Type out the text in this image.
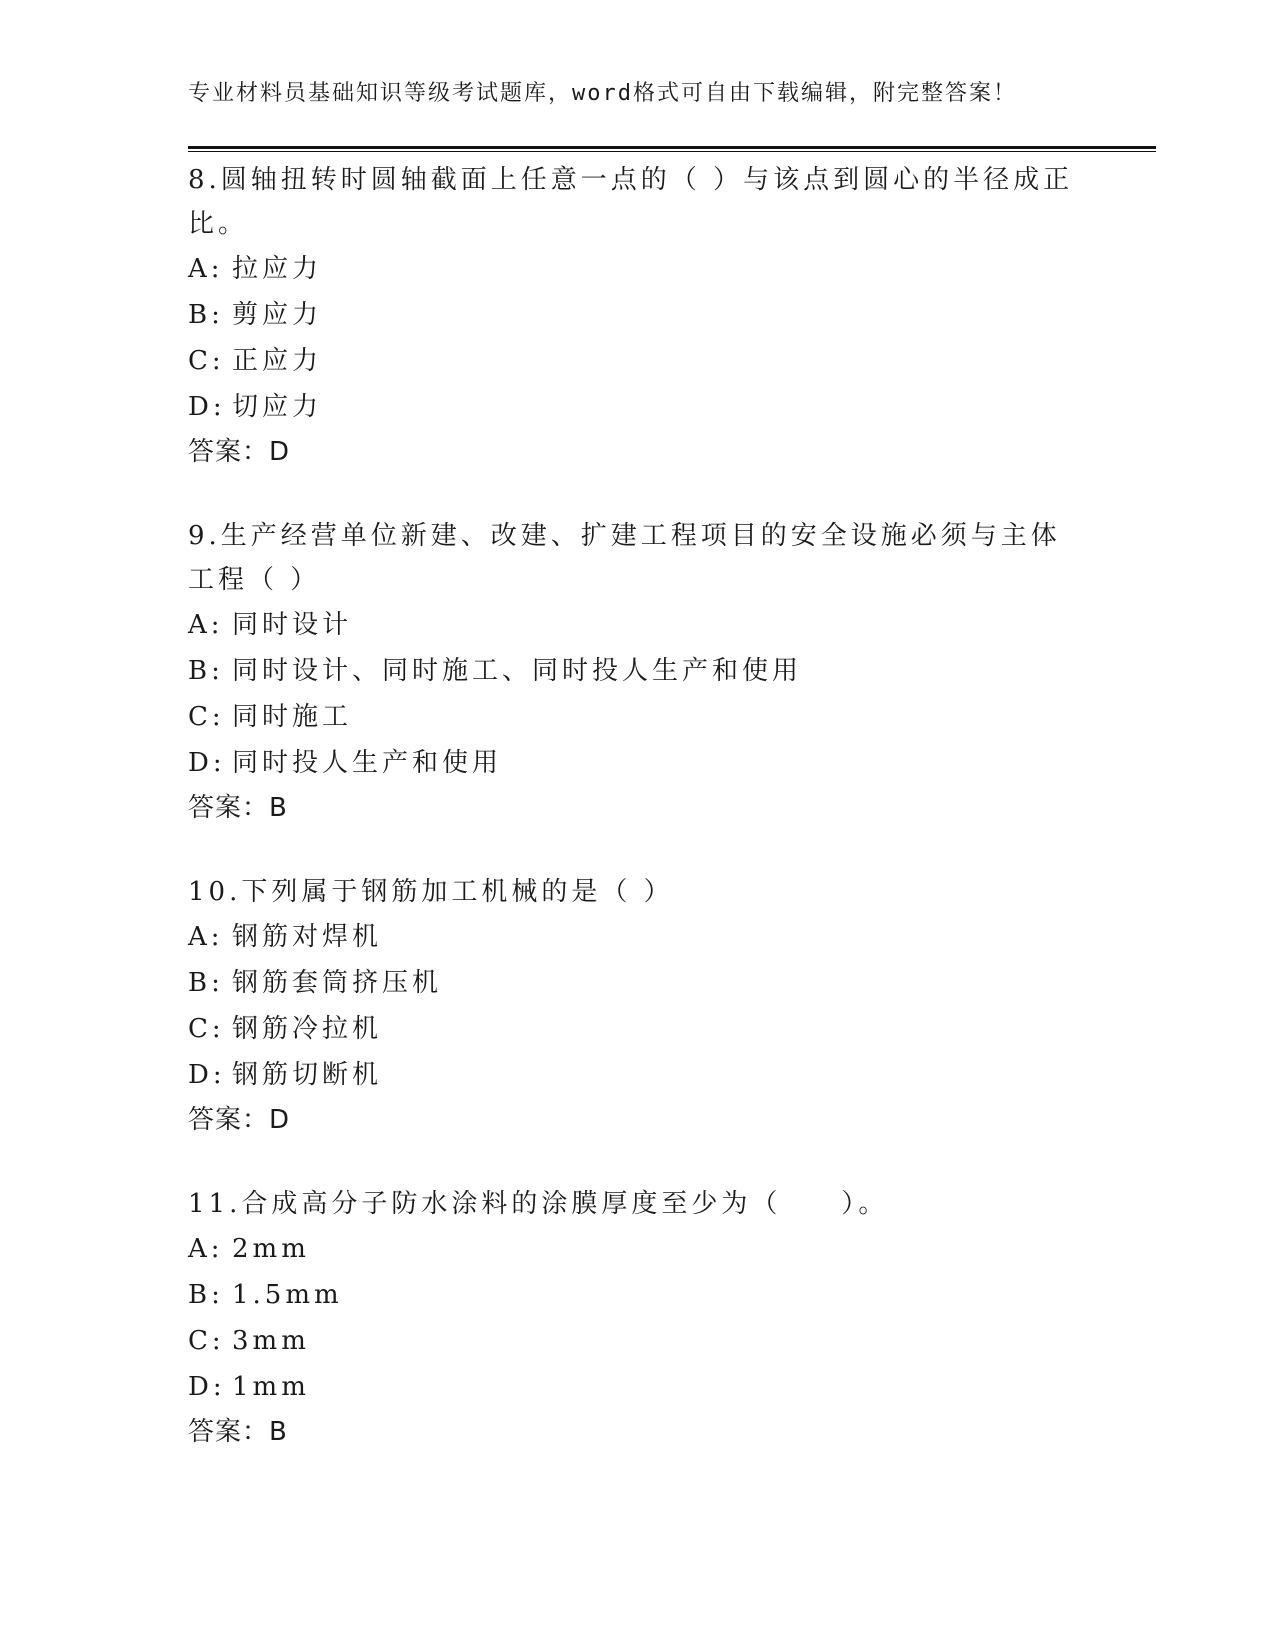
专业材料员基础知识等级考试题库，word格式可自由下载编辑，附完整答案！
8.圆轴扭转时圆轴截面上任意一点的（ ）与该点到圆心的半径成正比。
A: 拉应力
B: 剪应力
C: 正应力
D: 切应力
答案：D
9.生产经营单位新建、改建、扩建工程项目的安全设施必须与主体工程（ ）
A: 同时设计
B: 同时设计、同时施工、同时投人生产和使用
C: 同时施工
D: 同时投人生产和使用
答案：B
10.下列属于钢筋加工机械的是（ ）
A: 钢筋对焊机
B: 钢筋套筒挤压机
C: 钢筋冷拉机
D: 钢筋切断机
答案：D
11.合成高分子防水涂料的涂膜厚度至少为（　　）。
A: 2mm
B: 1.5mm
C: 3mm
D: 1mm
答案：B
